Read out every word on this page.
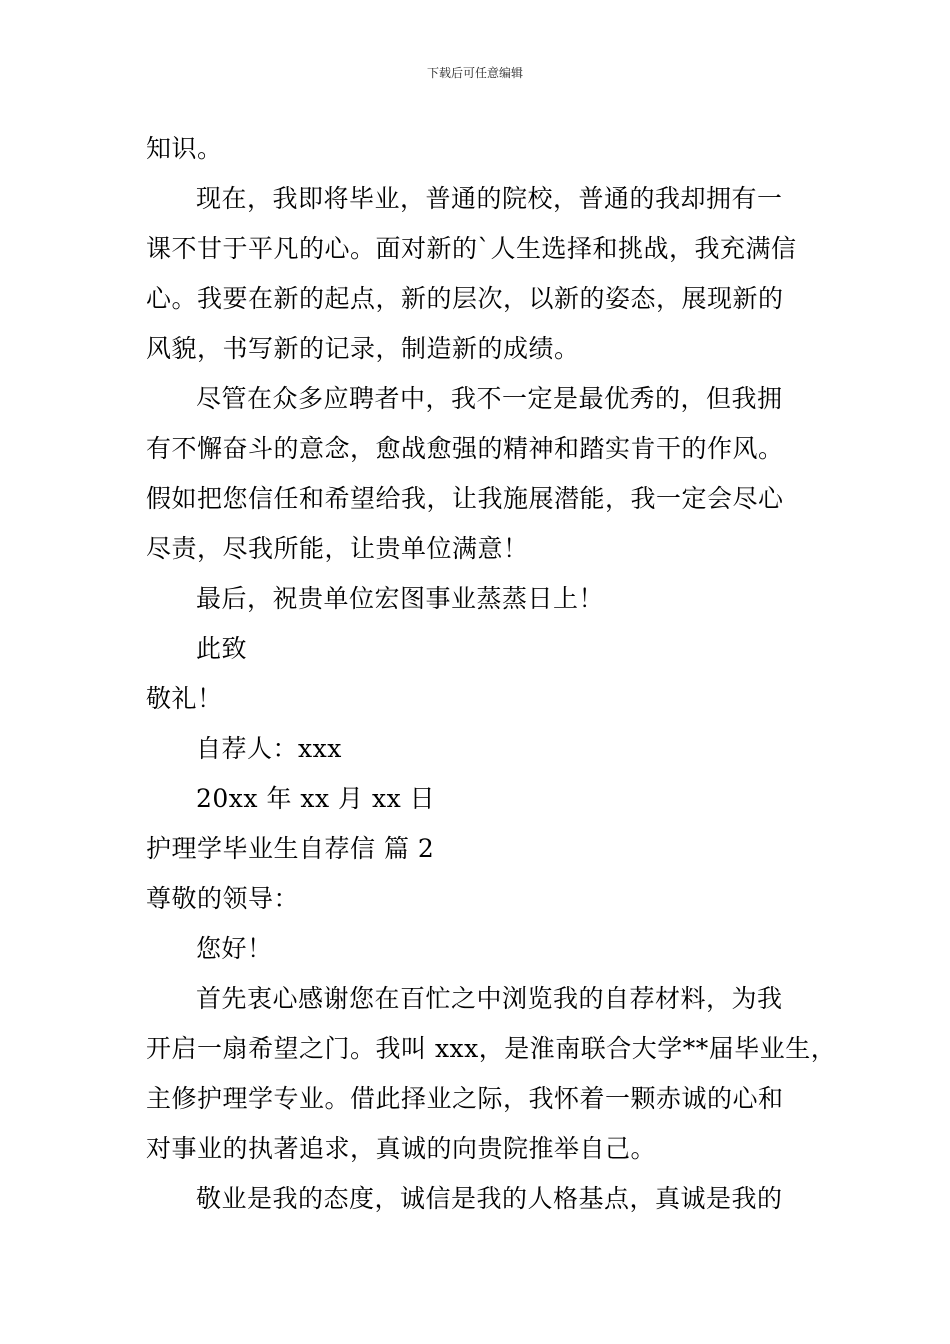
下载后可任意编辑
知识。
现在，我即将毕业，普通的院校，普通的我却拥有一
课不甘于平凡的心。面对新的`人生选择和挑战，我充满信
心。我要在新的起点，新的层次，以新的姿态，展现新的
风貌，书写新的记录，制造新的成绩。
尽管在众多应聘者中，我不一定是最优秀的，但我拥
有不懈奋斗的意念，愈战愈强的精神和踏实肯干的作风。
假如把您信任和希望给我，让我施展潜能，我一定会尽心
尽责，尽我所能，让贵单位满意！
最后，祝贵单位宏图事业蒸蒸日上！
此致
敬礼！
自荐人：xxx
20xx 年 xx 月 xx 日
护理学毕业生自荐信 篇 2
尊敬的领导：
您好！
首先衷心感谢您在百忙之中浏览我的自荐材料，为我
开启一扇希望之门。我叫 xxx，是淮南联合大学**届毕业生，
主修护理学专业。借此择业之际，我怀着一颗赤诚的心和
对事业的执著追求，真诚的向贵院推举自己。
敬业是我的态度，诚信是我的人格基点，真诚是我的
